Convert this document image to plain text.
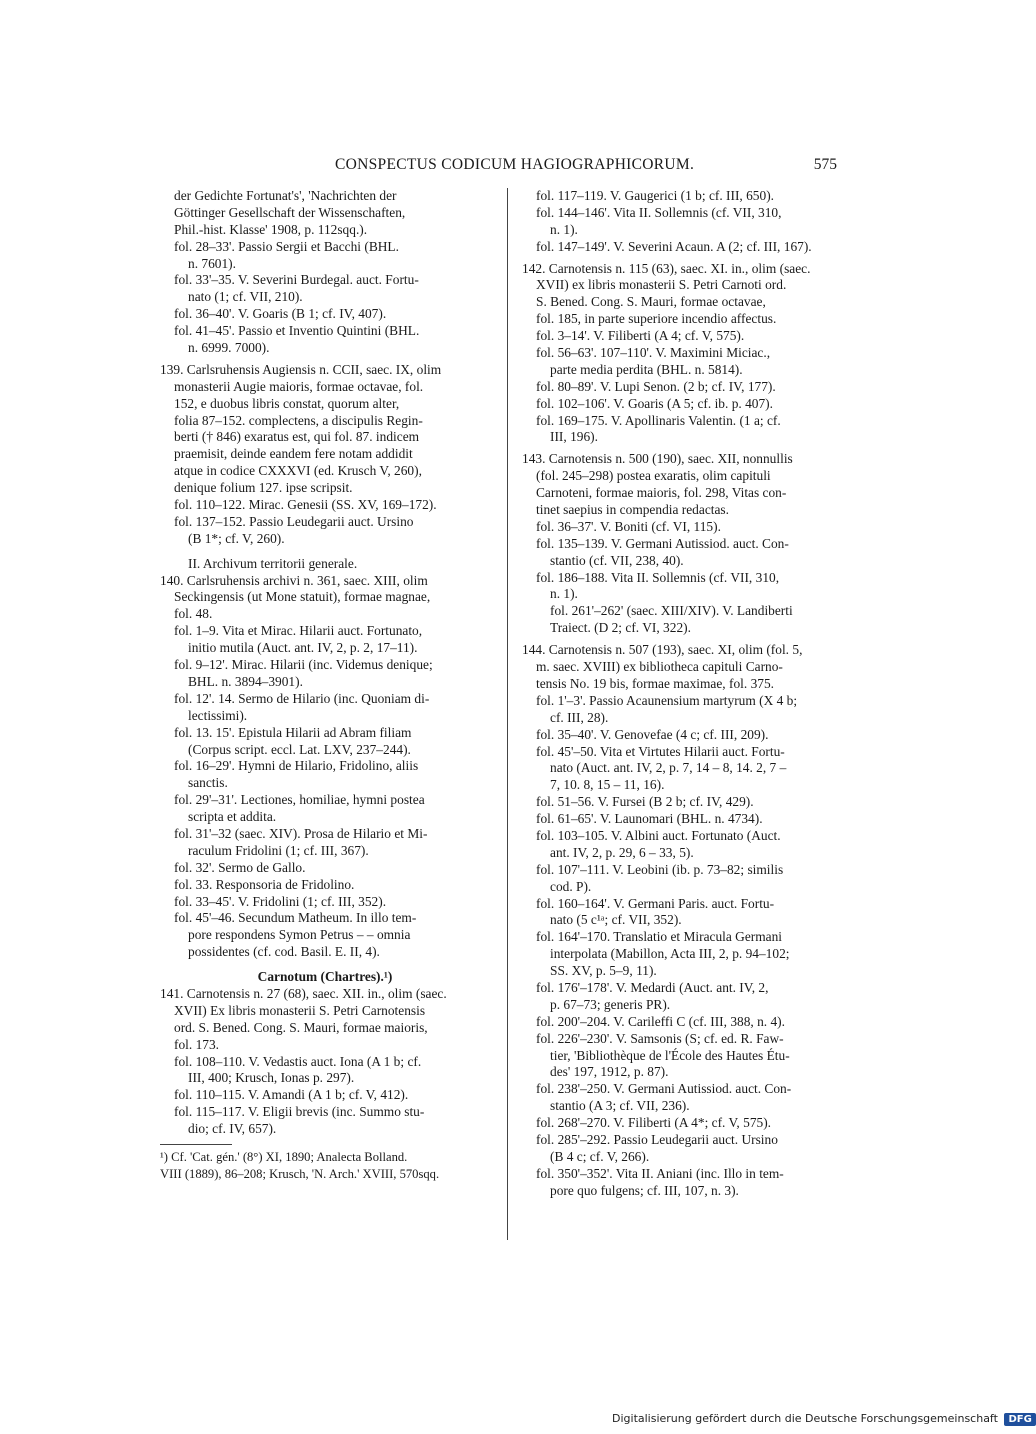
CONSPECTUS CODICUM HAGIOGRAPHICORUM.	575
der Gedichte Fortunat's', 'Nachrichten der
Göttinger Gesellschaft der Wissenschaften,
Phil.-hist. Klasse' 1908, p. 112sqq.).
fol. 28–33'. Passio Sergii et Bacchi (BHL.
n. 7601).
fol. 33'–35. V. Severini Burdegal. auct. Fortu-
nato (1; cf. VII, 210).
fol. 36–40'. V. Goaris (B 1; cf. IV, 407).
fol. 41–45'. Passio et Inventio Quintini (BHL.
n. 6999. 7000).
139. Carlsruhensis Augiensis n. CCII, saec. IX, olim
monasterii Augie maioris, formae octavae, fol.
152, e duobus libris constat, quorum alter,
folia 87–152. complectens, a discipulis Regin-
berti († 846) exaratus est, qui fol. 87. indicem
praemisit, deinde eandem fere notam addidit
atque in codice CXXXVI (ed. Krusch V, 260),
denique folium 127. ipse scripsit.
fol. 110–122. Mirac. Genesii (SS. XV, 169–172).
fol. 137–152. Passio Leudegarii auct. Ursino
(B 1*; cf. V, 260).
II. Archivum territorii generale.
140. Carlsruhensis archivi n. 361, saec. XIII, olim
Seckingensis (ut Mone statuit), formae magnae,
fol. 48.
fol. 1–9. Vita et Mirac. Hilarii auct. Fortunato,
initio mutila (Auct. ant. IV, 2, p. 2, 17–11).
fol. 9–12'. Mirac. Hilarii (inc. Videmus denique;
BHL. n. 3894–3901).
fol. 12'. 14. Sermo de Hilario (inc. Quoniam di-
lectissimi).
fol. 13. 15'. Epistula Hilarii ad Abram filiam
(Corpus script. eccl. Lat. LXV, 237–244).
fol. 16–29'. Hymni de Hilario, Fridolino, aliis
sanctis.
fol. 29'–31'. Lectiones, homiliae, hymni postea
scripta et addita.
fol. 31'–32 (saec. XIV). Prosa de Hilario et Mi-
raculum Fridolini (1; cf. III, 367).
fol. 32'. Sermo de Gallo.
fol. 33. Responsoria de Fridolino.
fol. 33–45'. V. Fridolini (1; cf. III, 352).
fol. 45'–46. Secundum Matheum. In illo tem-
pore respondens Symon Petrus – – omnia
possidentes (cf. cod. Basil. E. II, 4).
Carnotum (Chartres).¹)
141. Carnotensis n. 27 (68), saec. XII. in., olim (saec.
XVII) Ex libris monasterii S. Petri Carnotensis
ord. S. Bened. Cong. S. Mauri, formae maioris,
fol. 173.
fol. 108–110. V. Vedastis auct. Iona (A 1 b; cf.
III, 400; Krusch, Ionas p. 297).
fol. 110–115. V. Amandi (A 1 b; cf. V, 412).
fol. 115–117. V. Eligii brevis (inc. Summo stu-
dio; cf. IV, 657).
¹) Cf. 'Cat. gén.' (8°) XI, 1890; Analecta Bolland.
VIII (1889), 86–208; Krusch, 'N. Arch.' XVIII, 570sqq.
fol. 117–119. V. Gaugerici (1 b; cf. III, 650).
fol. 144–146'. Vita II. Sollemnis (cf. VII, 310,
n. 1).
fol. 147–149'. V. Severini Acaun. A (2; cf. III, 167).
142. Carnotensis n. 115 (63), saec. XI. in., olim (saec.
XVII) ex libris monasterii S. Petri Carnoti ord.
S. Bened. Cong. S. Mauri, formae octavae,
fol. 185, in parte superiore incendio affectus.
fol. 3–14'. V. Filiberti (A 4; cf. V, 575).
fol. 56–63'. 107–110'. V. Maximini Miciac.,
parte media perdita (BHL. n. 5814).
fol. 80–89'. V. Lupi Senon. (2 b; cf. IV, 177).
fol. 102–106'. V. Goaris (A 5; cf. ib. p. 407).
fol. 169–175. V. Apollinaris Valentin. (1 a; cf.
III, 196).
143. Carnotensis n. 500 (190), saec. XII, nonnullis
(fol. 245–298) postea exaratis, olim capituli
Carnoteni, formae maioris, fol. 298, Vitas con-
tinet saepius in compendia redactas.
fol. 36–37'. V. Boniti (cf. VI, 115).
fol. 135–139. V. Germani Autissiod. auct. Con-
stantio (cf. VII, 238, 40).
fol. 186–188. Vita II. Sollemnis (cf. VII, 310,
n. 1).
fol. 261'–262' (saec. XIII/XIV). V. Landiberti
Traiect. (D 2; cf. VI, 322).
144. Carnotensis n. 507 (193), saec. XI, olim (fol. 5,
m. saec. XVIII) ex bibliotheca capituli Carno-
tensis No. 19 bis, formae maximae, fol. 375.
fol. 1'–3'. Passio Acaunensium martyrum (X 4 b;
cf. III, 28).
fol. 35–40'. V. Genovefae (4 c; cf. III, 209).
fol. 45'–50. Vita et Virtutes Hilarii auct. Fortu-
nato (Auct. ant. IV, 2, p. 7, 14 – 8, 14. 2, 7 –
7, 10. 8, 15 – 11, 16).
fol. 51–56. V. Fursei (B 2 b; cf. IV, 429).
fol. 61–65'. V. Launomari (BHL. n. 4734).
fol. 103–105. V. Albini auct. Fortunato (Auct.
ant. IV, 2, p. 29, 6 – 33, 5).
fol. 107'–111. V. Leobini (ib. p. 73–82; similis
cod. P).
fol. 160–164'. V. Germani Paris. auct. Fortu-
nato (5 c¹ᵃ; cf. VII, 352).
fol. 164'–170. Translatio et Miracula Germani
interpolata (Mabillon, Acta III, 2, p. 94–102;
SS. XV, p. 5–9, 11).
fol. 176'–178'. V. Medardi (Auct. ant. IV, 2,
p. 67–73; generis PR).
fol. 200'–204. V. Carileffi C (cf. III, 388, n. 4).
fol. 226'–230'. V. Samsonis (S; cf. ed. R. Faw-
tier, 'Bibliothèque de l'École des Hautes Étu-
des' 197, 1912, p. 87).
fol. 238'–250. V. Germani Autissiod. auct. Con-
stantio (A 3; cf. VII, 236).
fol. 268'–270. V. Filiberti (A 4*; cf. V, 575).
fol. 285'–292. Passio Leudegarii auct. Ursino
(B 4 c; cf. V, 266).
fol. 350'–352'. Vita II. Aniani (inc. Illo in tem-
pore quo fulgens; cf. III, 107, n. 3).
Digitalisierung gefördert durch die Deutsche Forschungsgemeinschaft DFG
